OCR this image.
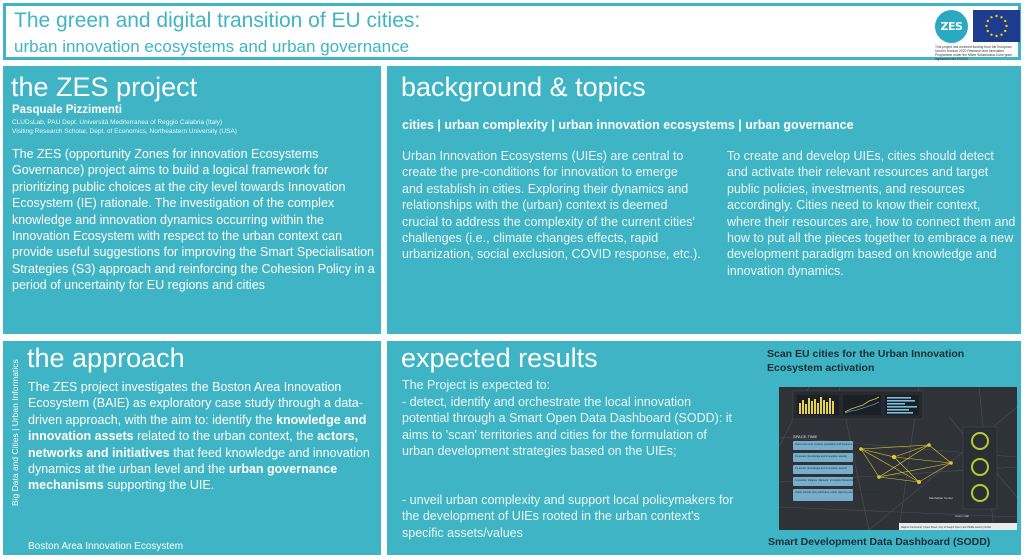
The green and digital transition of EU cities:
urban innovation ecosystems and urban governance
ZES
This project has received funding from the European Union's Horizon 2020 Research and Innovation Programme under the Marie Sklodowska-Curie grant agreement No 101012
the ZES project
Pasquale Pizzimenti
CLUDsLab, PAU Dept. Università Mediterranea of Reggio Calabria (Italy)
Visiting Research Scholar, Dept. of Economics, Northeastern University (USA)
The ZES (opportunity Zones for innovation Ecosystems Governance) project aims to build a logical framework for prioritizing public choices at the city level towards Innovation Ecosystem (IE) rationale. The investigation of the complex knowledge and innovation dynamics occurring within the Innovation Ecosystem with respect to the urban context can provide useful suggestions for improving the Smart Specialisation Strategies (S3) approach and reinforcing the Cohesion Policy in a period of uncertainty for EU regions and cities
background & topics
cities | urban complexity | urban innovation ecosystems | urban governance
Urban Innovation Ecosystems (UIEs) are central to create the pre-conditions for innovation to emerge and establish in cities. Exploring their dynamics and relationships with the (urban) context is deemed crucial to address the complexity of the current cities' challenges (i.e., climate changes effects, rapid urbanization, social exclusion, COVID response, etc.).
To create and develop UIEs, cities should detect and activate their relevant resources and target public policies, investments, and resources accordingly. Cities need to know their context, where their resources are, how to connect them and how to put all the pieces together to embrace a new development paradigm based on knowledge and innovation dynamics.
Big Data and Cities | Urban Informatics
the approach
The ZES project investigates the Boston Area Innovation Ecosystem (BAIE) as exploratory case study through a data-driven approach, with the aim to: identify the knowledge and innovation assets related to the urban context, the actors, networks and initiatives that feed knowledge and innovation dynamics at the urban level and the urban governance mechanisms supporting the UIE.
Boston Area Innovation Ecosystem
expected results
The Project is expected to:
- detect, identify and orchestrate the local innovation potential through a Smart Open Data Dashboard (SODD): it aims to 'scan' territories and cities for the formulation of urban development strategies based on the UIEs;
- unveil urban complexity and support local policymakers for the development of UIEs rooted in the urban context's specific assets/values
Scan EU cities for the Urban Innovation Ecosystem activation
Smart Development Data Dashboard (SODD)
SPACE-TIME
Socio-economic context, population and business structure
KL assets (knowledge and innovation assets)
KL assets (knowledge and innovation assets)
Innovation Initiative (Network, Innovation Networking)
Urban policies (Key Attributes, urban planning and economic development)
Union Hall
Manhattan Center
Mapbox Community | Open Street | City of Guelph Open | Esri HERE Garmin | NASA
